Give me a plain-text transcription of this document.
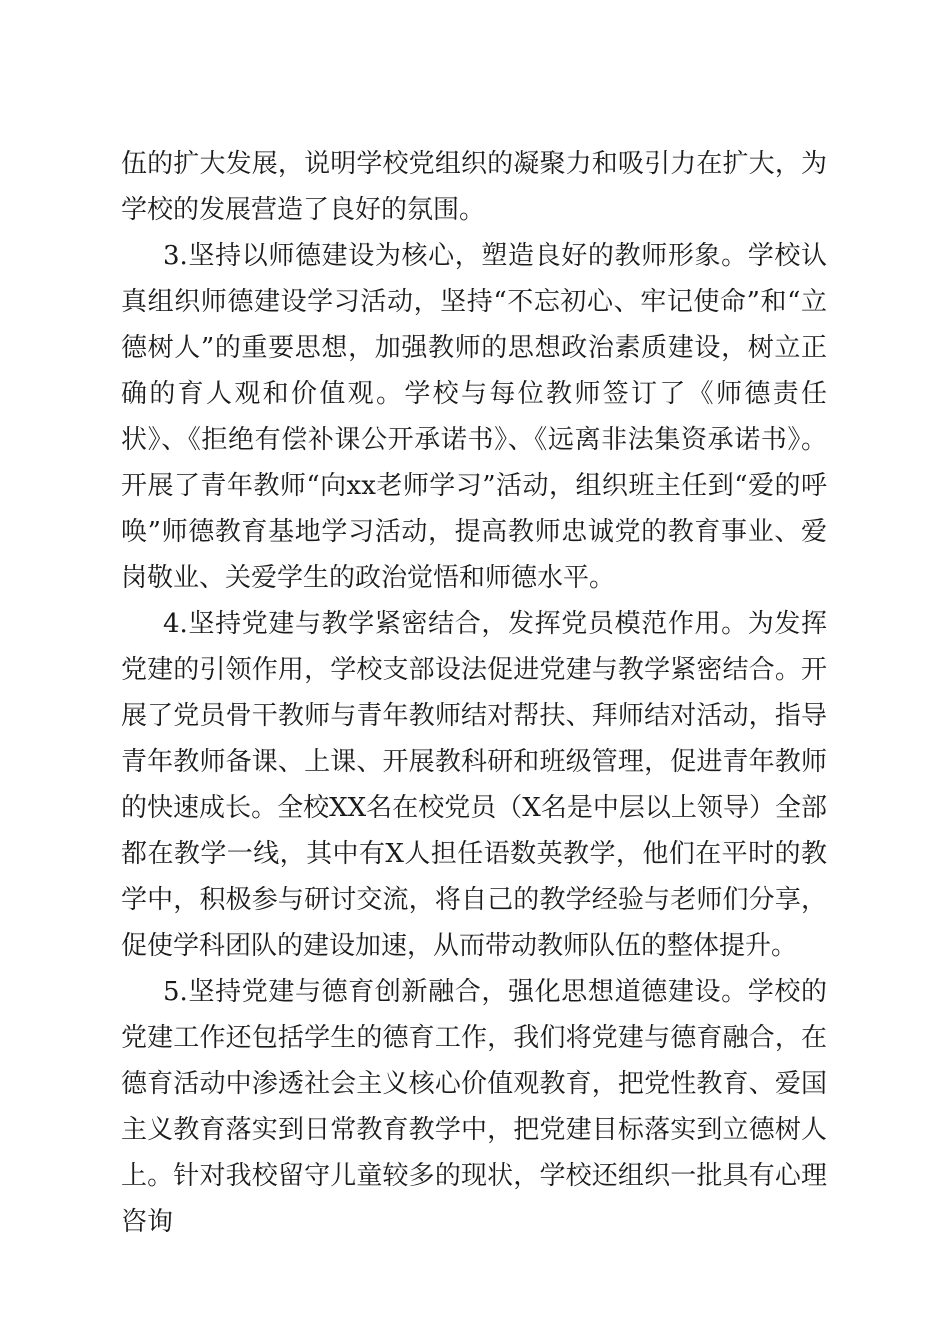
伍的扩大发展，说明学校党组织的凝聚力和吸引力在扩大，为学校的发展营造了良好的氛围。

3.坚持以师德建设为核心，塑造良好的教师形象。学校认真组织师德建设学习活动，坚持“不忘初心、牢记使命”和“立德树人”的重要思想，加强教师的思想政治素质建设，树立正确的育人观和价值观。学校与每位教师签订了《师德责任状》、《拒绝有偿补课公开承诺书》、《远离非法集资承诺书》。开展了青年教师“向xx老师学习”活动，组织班主任到“爱的呼唤”师德教育基地学习活动，提高教师忠诚党的教育事业、爱岗敬业、关爱学生的政治觉悟和师德水平。

4.坚持党建与教学紧密结合，发挥党员模范作用。为发挥党建的引领作用，学校支部设法促进党建与教学紧密结合。开展了党员骨干教师与青年教师结对帮扶、拜师结对活动，指导青年教师备课、上课、开展教科研和班级管理，促进青年教师的快速成长。全校XX名在校党员（X名是中层以上领导）全部都在教学一线，其中有X人担任语数英教学，他们在平时的教学中，积极参与研讨交流，将自己的教学经验与老师们分享，促使学科团队的建设加速，从而带动教师队伍的整体提升。

5.坚持党建与德育创新融合，强化思想道德建设。学校的党建工作还包括学生的德育工作，我们将党建与德育融合，在德育活动中渗透社会主义核心价值观教育，把党性教育、爱国主义教育落实到日常教育教学中，把党建目标落实到立德树人上。针对我校留守儿童较多的现状，学校还组织一批具有心理咨询
